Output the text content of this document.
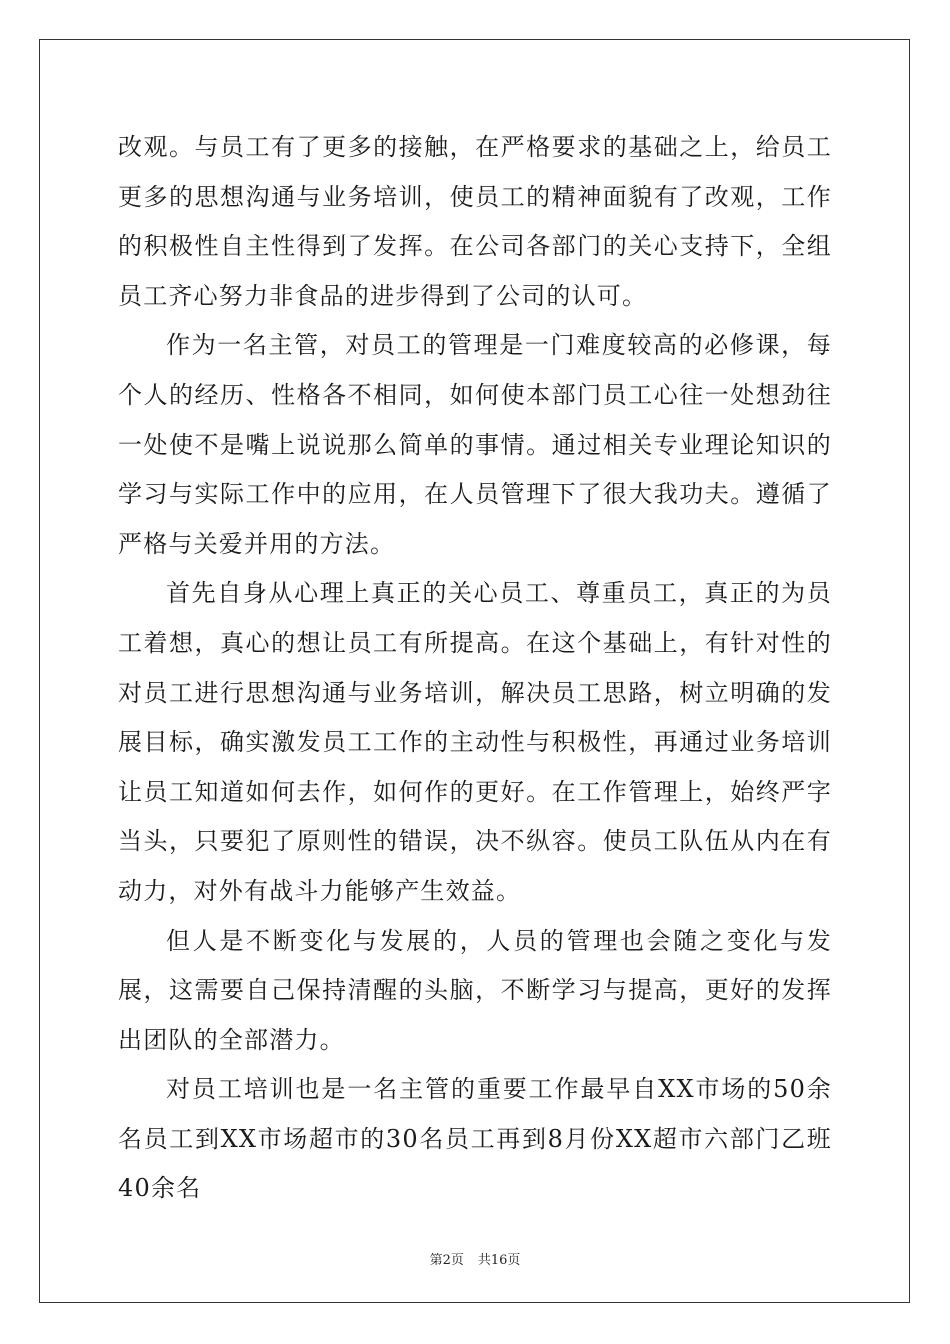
改观。与员工有了更多的接触，在严格要求的基础之上，给员工更多的思想沟通与业务培训，使员工的精神面貌有了改观，工作的积极性自主性得到了发挥。在公司各部门的关心支持下，全组员工齐心努力非食品的进步得到了公司的认可。

作为一名主管，对员工的管理是一门难度较高的必修课，每个人的经历、性格各不相同，如何使本部门员工心往一处想劲往一处使不是嘴上说说那么简单的事情。通过相关专业理论知识的学习与实际工作中的应用，在人员管理下了很大我功夫。遵循了严格与关爱并用的方法。

首先自身从心理上真正的关心员工、尊重员工，真正的为员工着想，真心的想让员工有所提高。在这个基础上，有针对性的对员工进行思想沟通与业务培训，解决员工思路，树立明确的发展目标，确实激发员工工作的主动性与积极性，再通过业务培训让员工知道如何去作，如何作的更好。在工作管理上，始终严字当头，只要犯了原则性的错误，决不纵容。使员工队伍从内在有动力，对外有战斗力能够产生效益。

但人是不断变化与发展的，人员的管理也会随之变化与发展，这需要自己保持清醒的头脑，不断学习与提高，更好的发挥出团队的全部潜力。

对员工培训也是一名主管的重要工作最早自XX市场的50余名员工到XX市场超市的30名员工再到8月份XX超市六部门乙班40余名

第2页 共16页
